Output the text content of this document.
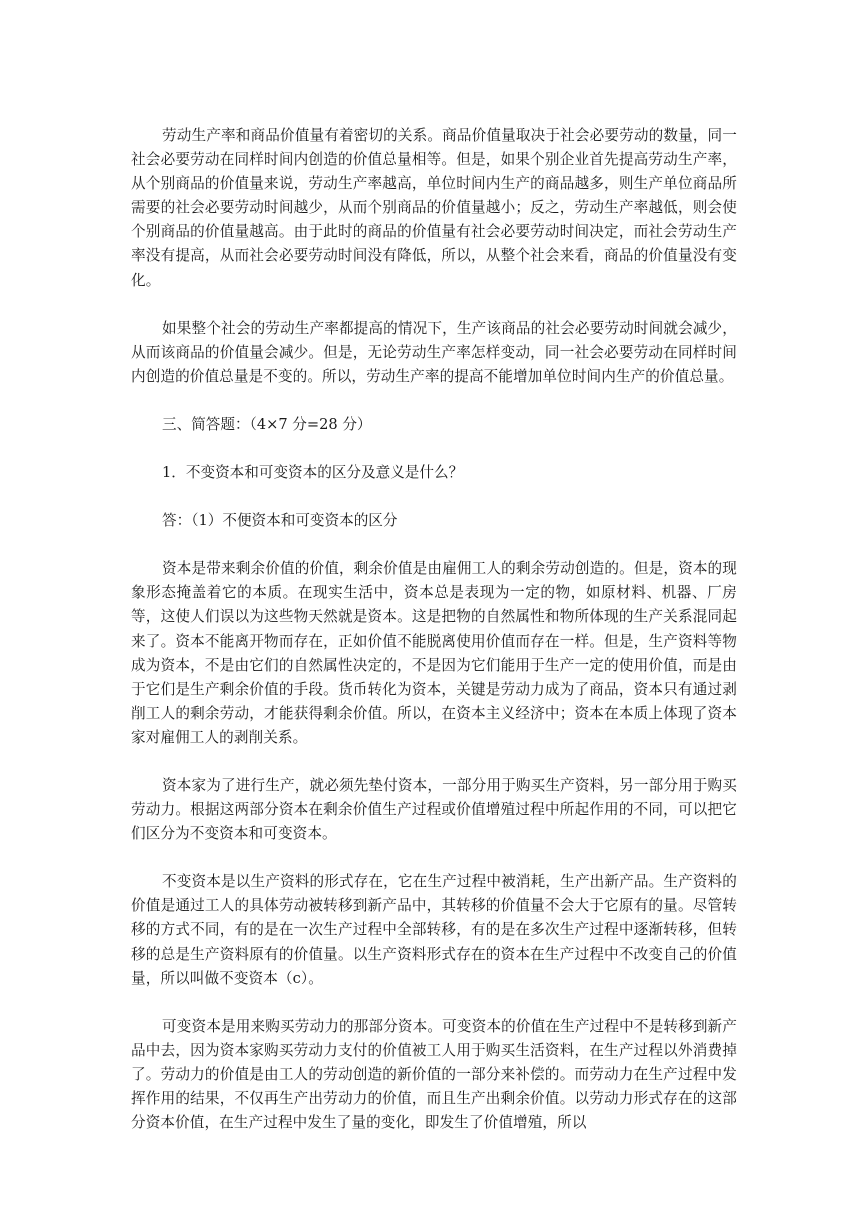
劳动生产率和商品价值量有着密切的关系。商品价值量取决于社会必要劳动的数量，同一社会必要劳动在同样时间内创造的价值总量相等。但是，如果个别企业首先提高劳动生产率，从个别商品的价值量来说，劳动生产率越高，单位时间内生产的商品越多，则生产单位商品所需要的社会必要劳动时间越少，从而个别商品的价值量越小；反之，劳动生产率越低，则会使个别商品的价值量越高。由于此时的商品的价值量有社会必要劳动时间决定，而社会劳动生产率没有提高，从而社会必要劳动时间没有降低，所以，从整个社会来看，商品的价值量没有变化。

如果整个社会的劳动生产率都提高的情况下，生产该商品的社会必要劳动时间就会减少，从而该商品的价值量会减少。但是，无论劳动生产率怎样变动，同一社会必要劳动在同样时间内创造的价值总量是不变的。所以，劳动生产率的提高不能增加单位时间内生产的价值总量。

三、简答题：（4×7 分=28 分）

1．不变资本和可变资本的区分及意义是什么？

答：（1）不便资本和可变资本的区分

资本是带来剩余价值的价值，剩余价值是由雇佣工人的剩余劳动创造的。但是，资本的现象形态掩盖着它的本质。在现实生活中，资本总是表现为一定的物，如原材料、机器、厂房等，这使人们误以为这些物天然就是资本。这是把物的自然属性和物所体现的生产关系混同起来了。资本不能离开物而存在，正如价值不能脱离使用价值而存在一样。但是，生产资料等物成为资本，不是由它们的自然属性决定的，不是因为它们能用于生产一定的使用价值，而是由于它们是生产剩余价值的手段。货币转化为资本，关键是劳动力成为了商品，资本只有通过剥削工人的剩余劳动，才能获得剩余价值。所以，在资本主义经济中；资本在本质上体现了资本家对雇佣工人的剥削关系。

资本家为了进行生产，就必须先垫付资本，一部分用于购买生产资料，另一部分用于购买劳动力。根据这两部分资本在剩余价值生产过程或价值增殖过程中所起作用的不同，可以把它们区分为不变资本和可变资本。

不变资本是以生产资料的形式存在，它在生产过程中被消耗，生产出新产品。生产资料的价值是通过工人的具体劳动被转移到新产品中，其转移的价值量不会大于它原有的量。尽管转移的方式不同，有的是在一次生产过程中全部转移，有的是在多次生产过程中逐渐转移，但转移的总是生产资料原有的价值量。以生产资料形式存在的资本在生产过程中不改变自己的价值量，所以叫做不变资本（c）。

可变资本是用来购买劳动力的那部分资本。可变资本的价值在生产过程中不是转移到新产品中去，因为资本家购买劳动力支付的价值被工人用于购买生活资料，在生产过程以外消费掉了。劳动力的价值是由工人的劳动创造的新价值的一部分来补偿的。而劳动力在生产过程中发挥作用的结果，不仅再生产出劳动力的价值，而且生产出剩余价值。以劳动力形式存在的这部分资本价值，在生产过程中发生了量的变化，即发生了价值增殖，所以
